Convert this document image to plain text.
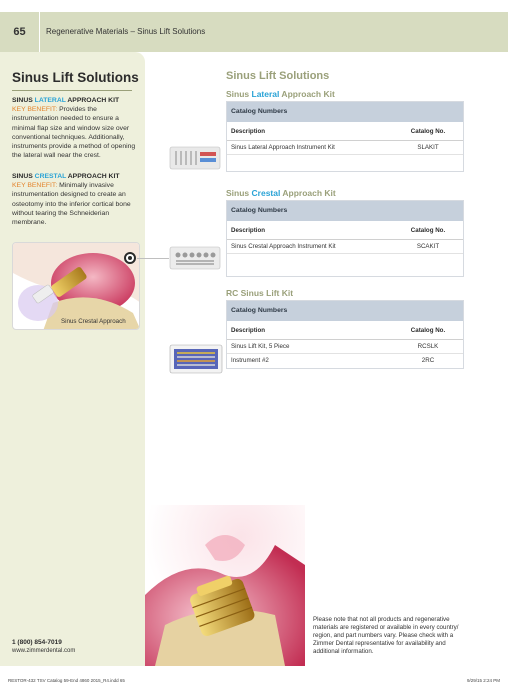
65	Regenerative Materials – Sinus Lift Solutions
Sinus Lift Solutions
SINUS LATERAL APPROACH KIT
KEY BENEFIT: Provides the instrumentation needed to ensure a minimal flap size and window size over conventional techniques. Additionally, instruments provide a method of opening the lateral wall near the crest.
SINUS CRESTAL APPROACH KIT
KEY BENEFIT: Minimally invasive instrumentation designed to create an osteotomy into the inferior cortical bone without tearing the Schneiderian membrane.
1 (800) 854-7019
www.zimmerdental.com
Sinus Crestal Approach
Sinus Lift Solutions
Sinus Lateral Approach Kit
Catalog Numbers
Description	Catalog No.
Sinus Lateral Approach Instrument Kit	SLAKIT
Sinus Crestal Approach Kit
Catalog Numbers
Description	Catalog No.
Sinus Crestal Approach Instrument Kit	SCAKIT
RC Sinus Lift Kit
Catalog Numbers
Description	Catalog No.
Sinus Lift Kit, 5 Piece	RCSLK
Instrument #2	2RC
Please note that not all products and regenerative materials are registered or available in every country/ region, and part numbers vary. Please check with a Zimmer Dental representative for availability and additional information.
RESTOR-432 TSV Catalog 59-End 4860 2015_R4.indd 65	9/29/15 2:24 PM
